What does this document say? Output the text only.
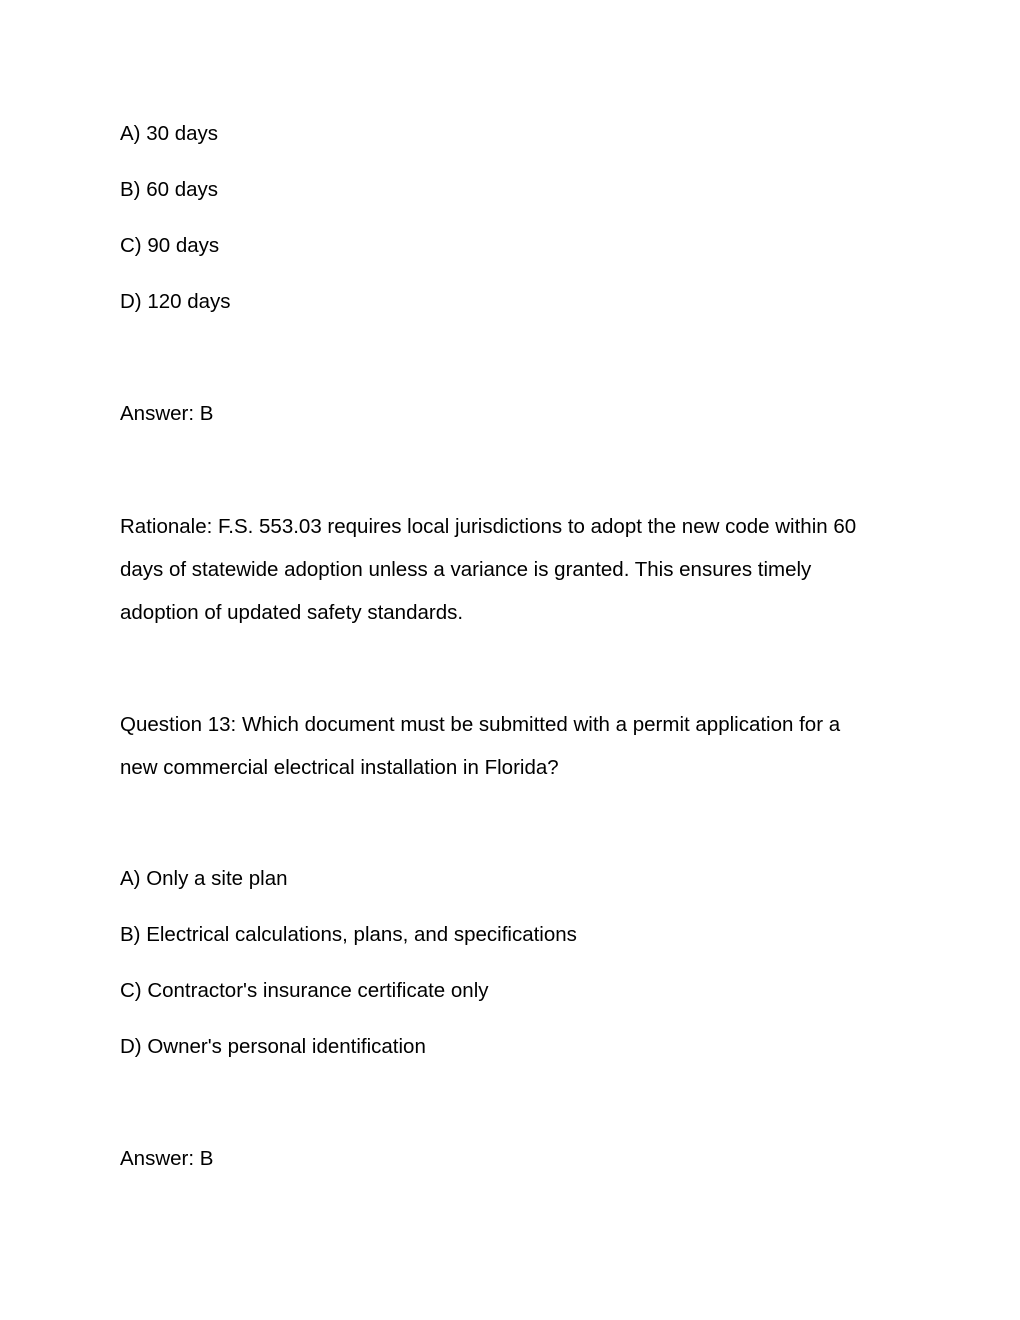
A) 30 days
B) 60 days
C) 90 days
D) 120 days
Answer: B
Rationale: F.S. 553.03 requires local jurisdictions to adopt the new code within 60
days of statewide adoption unless a variance is granted. This ensures timely
adoption of updated safety standards.
Question 13: Which document must be submitted with a permit application for a
new commercial electrical installation in Florida?
A) Only a site plan
B) Electrical calculations, plans, and specifications
C) Contractor's insurance certificate only
D) Owner's personal identification
Answer: B
